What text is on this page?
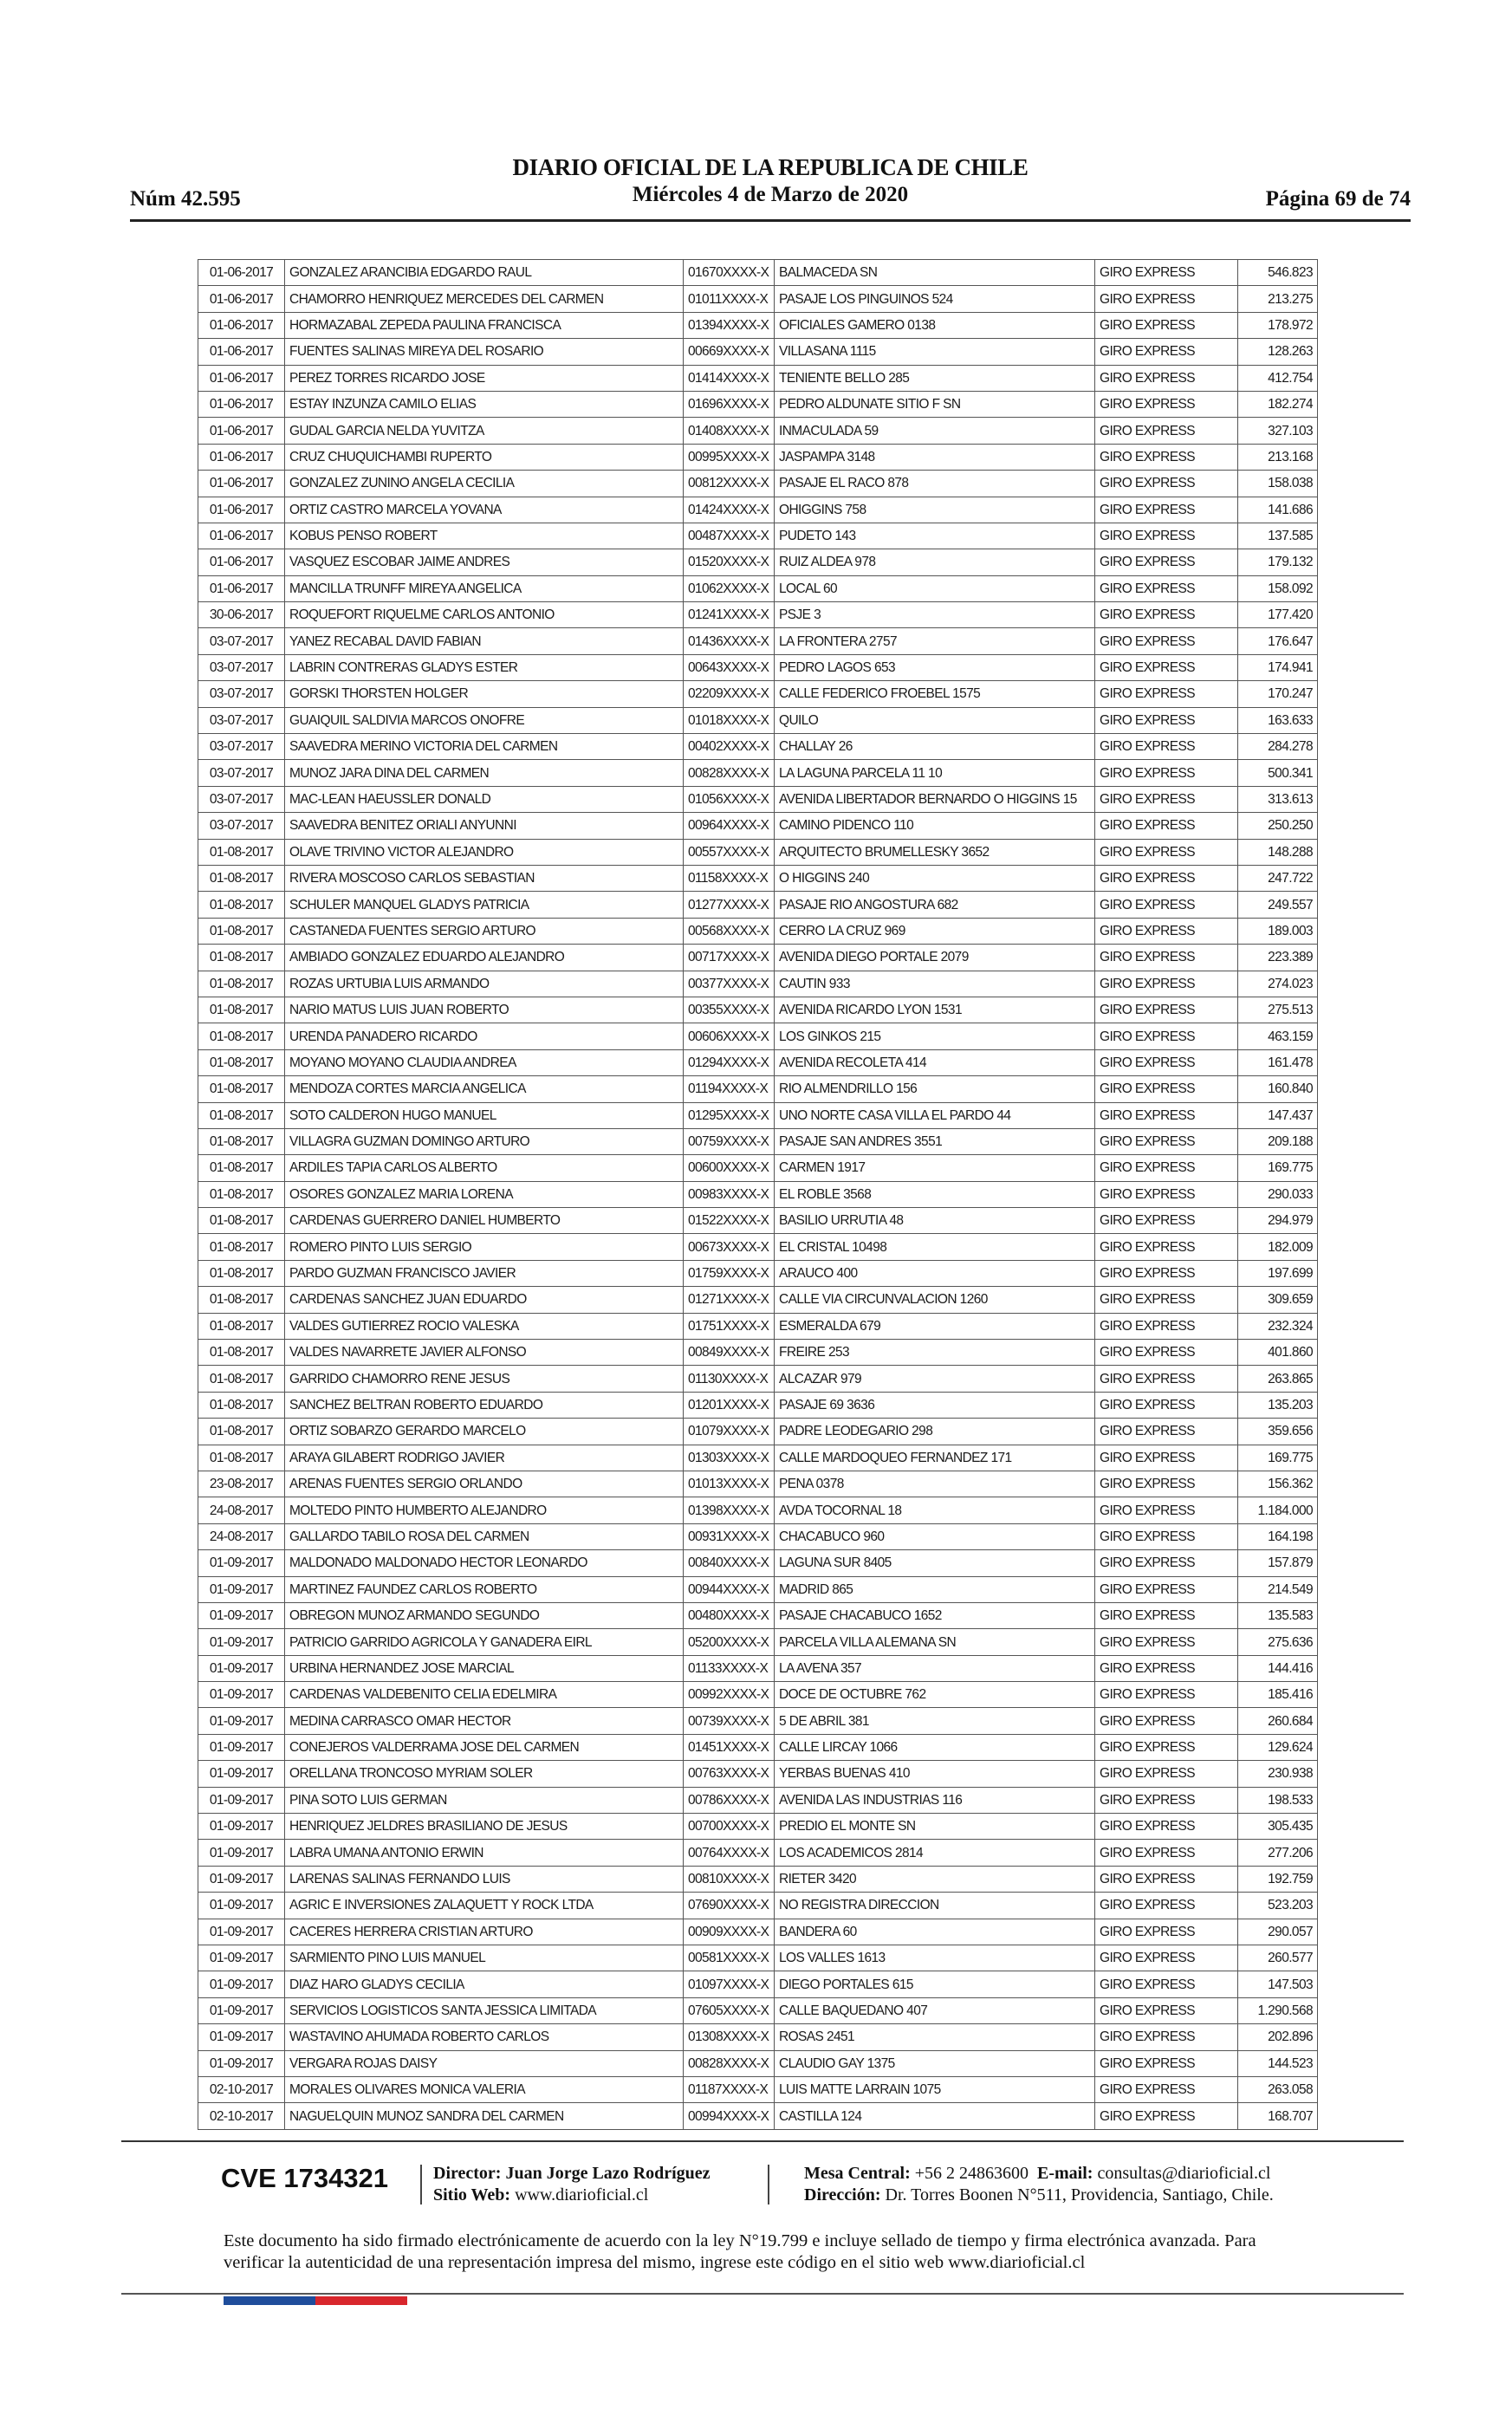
Núm 42.595
DIARIO OFICIAL DE LA REPUBLICA DE CHILE
Miércoles 4 de Marzo de 2020	Página 69 de 74
01-06-2017	GONZALEZ ARANCIBIA EDGARDO RAUL	01670XXXX-X	BALMACEDA SN	GIRO EXPRESS	546.823
01-06-2017	CHAMORRO HENRIQUEZ MERCEDES DEL CARMEN	01011XXXX-X	PASAJE LOS PINGUINOS 524	GIRO EXPRESS	213.275
01-06-2017	HORMAZABAL ZEPEDA PAULINA FRANCISCA	01394XXXX-X	OFICIALES GAMERO 0138	GIRO EXPRESS	178.972
01-06-2017	FUENTES SALINAS MIREYA DEL ROSARIO	00669XXXX-X	VILLASANA 1115	GIRO EXPRESS	128.263
01-06-2017	PEREZ TORRES RICARDO JOSE	01414XXXX-X	TENIENTE BELLO 285	GIRO EXPRESS	412.754
01-06-2017	ESTAY INZUNZA CAMILO ELIAS	01696XXXX-X	PEDRO ALDUNATE SITIO F SN	GIRO EXPRESS	182.274
01-06-2017	GUDAL GARCIA NELDA YUVITZA	01408XXXX-X	INMACULADA 59	GIRO EXPRESS	327.103
01-06-2017	CRUZ CHUQUICHAMBI RUPERTO	00995XXXX-X	JASPAMPA 3148	GIRO EXPRESS	213.168
01-06-2017	GONZALEZ ZUNINO ANGELA CECILIA	00812XXXX-X	PASAJE EL RACO 878	GIRO EXPRESS	158.038
01-06-2017	ORTIZ CASTRO MARCELA YOVANA	01424XXXX-X	OHIGGINS 758	GIRO EXPRESS	141.686
01-06-2017	KOBUS PENSO ROBERT	00487XXXX-X	PUDETO 143	GIRO EXPRESS	137.585
01-06-2017	VASQUEZ ESCOBAR JAIME ANDRES	01520XXXX-X	RUIZ ALDEA 978	GIRO EXPRESS	179.132
01-06-2017	MANCILLA TRUNFF MIREYA ANGELICA	01062XXXX-X	LOCAL 60	GIRO EXPRESS	158.092
30-06-2017	ROQUEFORT RIQUELME CARLOS ANTONIO	01241XXXX-X	PSJE 3	GIRO EXPRESS	177.420
03-07-2017	YANEZ RECABAL DAVID FABIAN	01436XXXX-X	LA FRONTERA 2757	GIRO EXPRESS	176.647
03-07-2017	LABRIN CONTRERAS GLADYS ESTER	00643XXXX-X	PEDRO LAGOS 653	GIRO EXPRESS	174.941
03-07-2017	GORSKI THORSTEN HOLGER	02209XXXX-X	CALLE FEDERICO FROEBEL 1575	GIRO EXPRESS	170.247
03-07-2017	GUAIQUIL SALDIVIA MARCOS ONOFRE	01018XXXX-X	QUILO	GIRO EXPRESS	163.633
03-07-2017	SAAVEDRA MERINO VICTORIA DEL CARMEN	00402XXXX-X	CHALLAY 26	GIRO EXPRESS	284.278
03-07-2017	MUNOZ JARA DINA DEL CARMEN	00828XXXX-X	LA LAGUNA PARCELA 11 10	GIRO EXPRESS	500.341
03-07-2017	MAC-LEAN HAEUSSLER DONALD	01056XXXX-X	AVENIDA LIBERTADOR BERNARDO O HIGGINS 15	GIRO EXPRESS	313.613
03-07-2017	SAAVEDRA BENITEZ ORIALI ANYUNNI	00964XXXX-X	CAMINO PIDENCO 110	GIRO EXPRESS	250.250
01-08-2017	OLAVE TRIVINO VICTOR ALEJANDRO	00557XXXX-X	ARQUITECTO BRUMELLESKY 3652	GIRO EXPRESS	148.288
01-08-2017	RIVERA MOSCOSO CARLOS SEBASTIAN	01158XXXX-X	O HIGGINS 240	GIRO EXPRESS	247.722
01-08-2017	SCHULER MANQUEL GLADYS PATRICIA	01277XXXX-X	PASAJE RIO ANGOSTURA 682	GIRO EXPRESS	249.557
01-08-2017	CASTANEDA FUENTES SERGIO ARTURO	00568XXXX-X	CERRO LA CRUZ 969	GIRO EXPRESS	189.003
01-08-2017	AMBIADO GONZALEZ EDUARDO ALEJANDRO	00717XXXX-X	AVENIDA DIEGO PORTALE 2079	GIRO EXPRESS	223.389
01-08-2017	ROZAS URTUBIA LUIS ARMANDO	00377XXXX-X	CAUTIN 933	GIRO EXPRESS	274.023
01-08-2017	NARIO MATUS LUIS JUAN ROBERTO	00355XXXX-X	AVENIDA RICARDO LYON 1531	GIRO EXPRESS	275.513
01-08-2017	URENDA PANADERO RICARDO	00606XXXX-X	LOS GINKOS 215	GIRO EXPRESS	463.159
01-08-2017	MOYANO MOYANO CLAUDIA ANDREA	01294XXXX-X	AVENIDA RECOLETA 414	GIRO EXPRESS	161.478
01-08-2017	MENDOZA CORTES MARCIA ANGELICA	01194XXXX-X	RIO ALMENDRILLO 156	GIRO EXPRESS	160.840
01-08-2017	SOTO CALDERON HUGO MANUEL	01295XXXX-X	UNO NORTE CASA VILLA EL PARDO 44	GIRO EXPRESS	147.437
01-08-2017	VILLAGRA GUZMAN DOMINGO ARTURO	00759XXXX-X	PASAJE SAN ANDRES 3551	GIRO EXPRESS	209.188
01-08-2017	ARDILES TAPIA CARLOS ALBERTO	00600XXXX-X	CARMEN 1917	GIRO EXPRESS	169.775
01-08-2017	OSORES GONZALEZ MARIA LORENA	00983XXXX-X	EL ROBLE 3568	GIRO EXPRESS	290.033
01-08-2017	CARDENAS GUERRERO DANIEL HUMBERTO	01522XXXX-X	BASILIO URRUTIA 48	GIRO EXPRESS	294.979
01-08-2017	ROMERO PINTO LUIS SERGIO	00673XXXX-X	EL CRISTAL 10498	GIRO EXPRESS	182.009
01-08-2017	PARDO GUZMAN FRANCISCO JAVIER	01759XXXX-X	ARAUCO 400	GIRO EXPRESS	197.699
01-08-2017	CARDENAS SANCHEZ JUAN EDUARDO	01271XXXX-X	CALLE VIA CIRCUNVALACION 1260	GIRO EXPRESS	309.659
01-08-2017	VALDES GUTIERREZ ROCIO VALESKA	01751XXXX-X	ESMERALDA 679	GIRO EXPRESS	232.324
01-08-2017	VALDES NAVARRETE JAVIER ALFONSO	00849XXXX-X	FREIRE 253	GIRO EXPRESS	401.860
01-08-2017	GARRIDO CHAMORRO RENE JESUS	01130XXXX-X	ALCAZAR 979	GIRO EXPRESS	263.865
01-08-2017	SANCHEZ BELTRAN ROBERTO EDUARDO	01201XXXX-X	PASAJE 69 3636	GIRO EXPRESS	135.203
01-08-2017	ORTIZ SOBARZO GERARDO MARCELO	01079XXXX-X	PADRE LEODEGARIO 298	GIRO EXPRESS	359.656
01-08-2017	ARAYA GILABERT RODRIGO JAVIER	01303XXXX-X	CALLE MARDOQUEO FERNANDEZ 171	GIRO EXPRESS	169.775
23-08-2017	ARENAS FUENTES SERGIO ORLANDO	01013XXXX-X	PENA 0378	GIRO EXPRESS	156.362
24-08-2017	MOLTEDO PINTO HUMBERTO ALEJANDRO	01398XXXX-X	AVDA TOCORNAL 18	GIRO EXPRESS	1.184.000
24-08-2017	GALLARDO TABILO ROSA DEL CARMEN	00931XXXX-X	CHACABUCO 960	GIRO EXPRESS	164.198
01-09-2017	MALDONADO MALDONADO HECTOR LEONARDO	00840XXXX-X	LAGUNA SUR 8405	GIRO EXPRESS	157.879
01-09-2017	MARTINEZ FAUNDEZ CARLOS ROBERTO	00944XXXX-X	MADRID 865	GIRO EXPRESS	214.549
01-09-2017	OBREGON MUNOZ ARMANDO SEGUNDO	00480XXXX-X	PASAJE CHACABUCO 1652	GIRO EXPRESS	135.583
01-09-2017	PATRICIO GARRIDO AGRICOLA Y GANADERA EIRL	05200XXXX-X	PARCELA VILLA ALEMANA SN	GIRO EXPRESS	275.636
01-09-2017	URBINA HERNANDEZ JOSE MARCIAL	01133XXXX-X	LA AVENA 357	GIRO EXPRESS	144.416
01-09-2017	CARDENAS VALDEBENITO CELIA EDELMIRA	00992XXXX-X	DOCE DE OCTUBRE 762	GIRO EXPRESS	185.416
01-09-2017	MEDINA CARRASCO OMAR HECTOR	00739XXXX-X	5 DE ABRIL 381	GIRO EXPRESS	260.684
01-09-2017	CONEJEROS VALDERRAMA JOSE DEL CARMEN	01451XXXX-X	CALLE LIRCAY 1066	GIRO EXPRESS	129.624
01-09-2017	ORELLANA TRONCOSO MYRIAM SOLER	00763XXXX-X	YERBAS BUENAS 410	GIRO EXPRESS	230.938
01-09-2017	PINA SOTO LUIS GERMAN	00786XXXX-X	AVENIDA LAS INDUSTRIAS 116	GIRO EXPRESS	198.533
01-09-2017	HENRIQUEZ JELDRES BRASILIANO DE JESUS	00700XXXX-X	PREDIO EL MONTE SN	GIRO EXPRESS	305.435
01-09-2017	LABRA UMANA ANTONIO ERWIN	00764XXXX-X	LOS ACADEMICOS 2814	GIRO EXPRESS	277.206
01-09-2017	LARENAS SALINAS FERNANDO LUIS	00810XXXX-X	RIETER 3420	GIRO EXPRESS	192.759
01-09-2017	AGRIC E INVERSIONES ZALAQUETT Y ROCK LTDA	07690XXXX-X	NO REGISTRA DIRECCION	GIRO EXPRESS	523.203
01-09-2017	CACERES HERRERA CRISTIAN ARTURO	00909XXXX-X	BANDERA 60	GIRO EXPRESS	290.057
01-09-2017	SARMIENTO PINO LUIS MANUEL	00581XXXX-X	LOS VALLES 1613	GIRO EXPRESS	260.577
01-09-2017	DIAZ HARO GLADYS CECILIA	01097XXXX-X	DIEGO PORTALES 615	GIRO EXPRESS	147.503
01-09-2017	SERVICIOS LOGISTICOS SANTA JESSICA LIMITADA	07605XXXX-X	CALLE BAQUEDANO 407	GIRO EXPRESS	1.290.568
01-09-2017	WASTAVINO AHUMADA ROBERTO CARLOS	01308XXXX-X	ROSAS 2451	GIRO EXPRESS	202.896
01-09-2017	VERGARA ROJAS DAISY	00828XXXX-X	CLAUDIO GAY 1375	GIRO EXPRESS	144.523
02-10-2017	MORALES OLIVARES MONICA VALERIA	01187XXXX-X	LUIS MATTE LARRAIN 1075	GIRO EXPRESS	263.058
02-10-2017	NAGUELQUIN MUNOZ SANDRA DEL CARMEN	00994XXXX-X	CASTILLA 124	GIRO EXPRESS	168.707
CVE 1734321	Director: Juan Jorge Lazo Rodríguez
Sitio Web: www.diarioficial.cl
Mesa Central: +56 2 24863600 E-mail: consultas@diarioficial.cl
Dirección: Dr. Torres Boonen N°511, Providencia, Santiago, Chile.
Este documento ha sido firmado electrónicamente de acuerdo con la ley N°19.799 e incluye sellado de tiempo y firma electrónica avanzada. Para verificar la autenticidad de una representación impresa del mismo, ingrese este código en el sitio web www.diarioficial.cl
